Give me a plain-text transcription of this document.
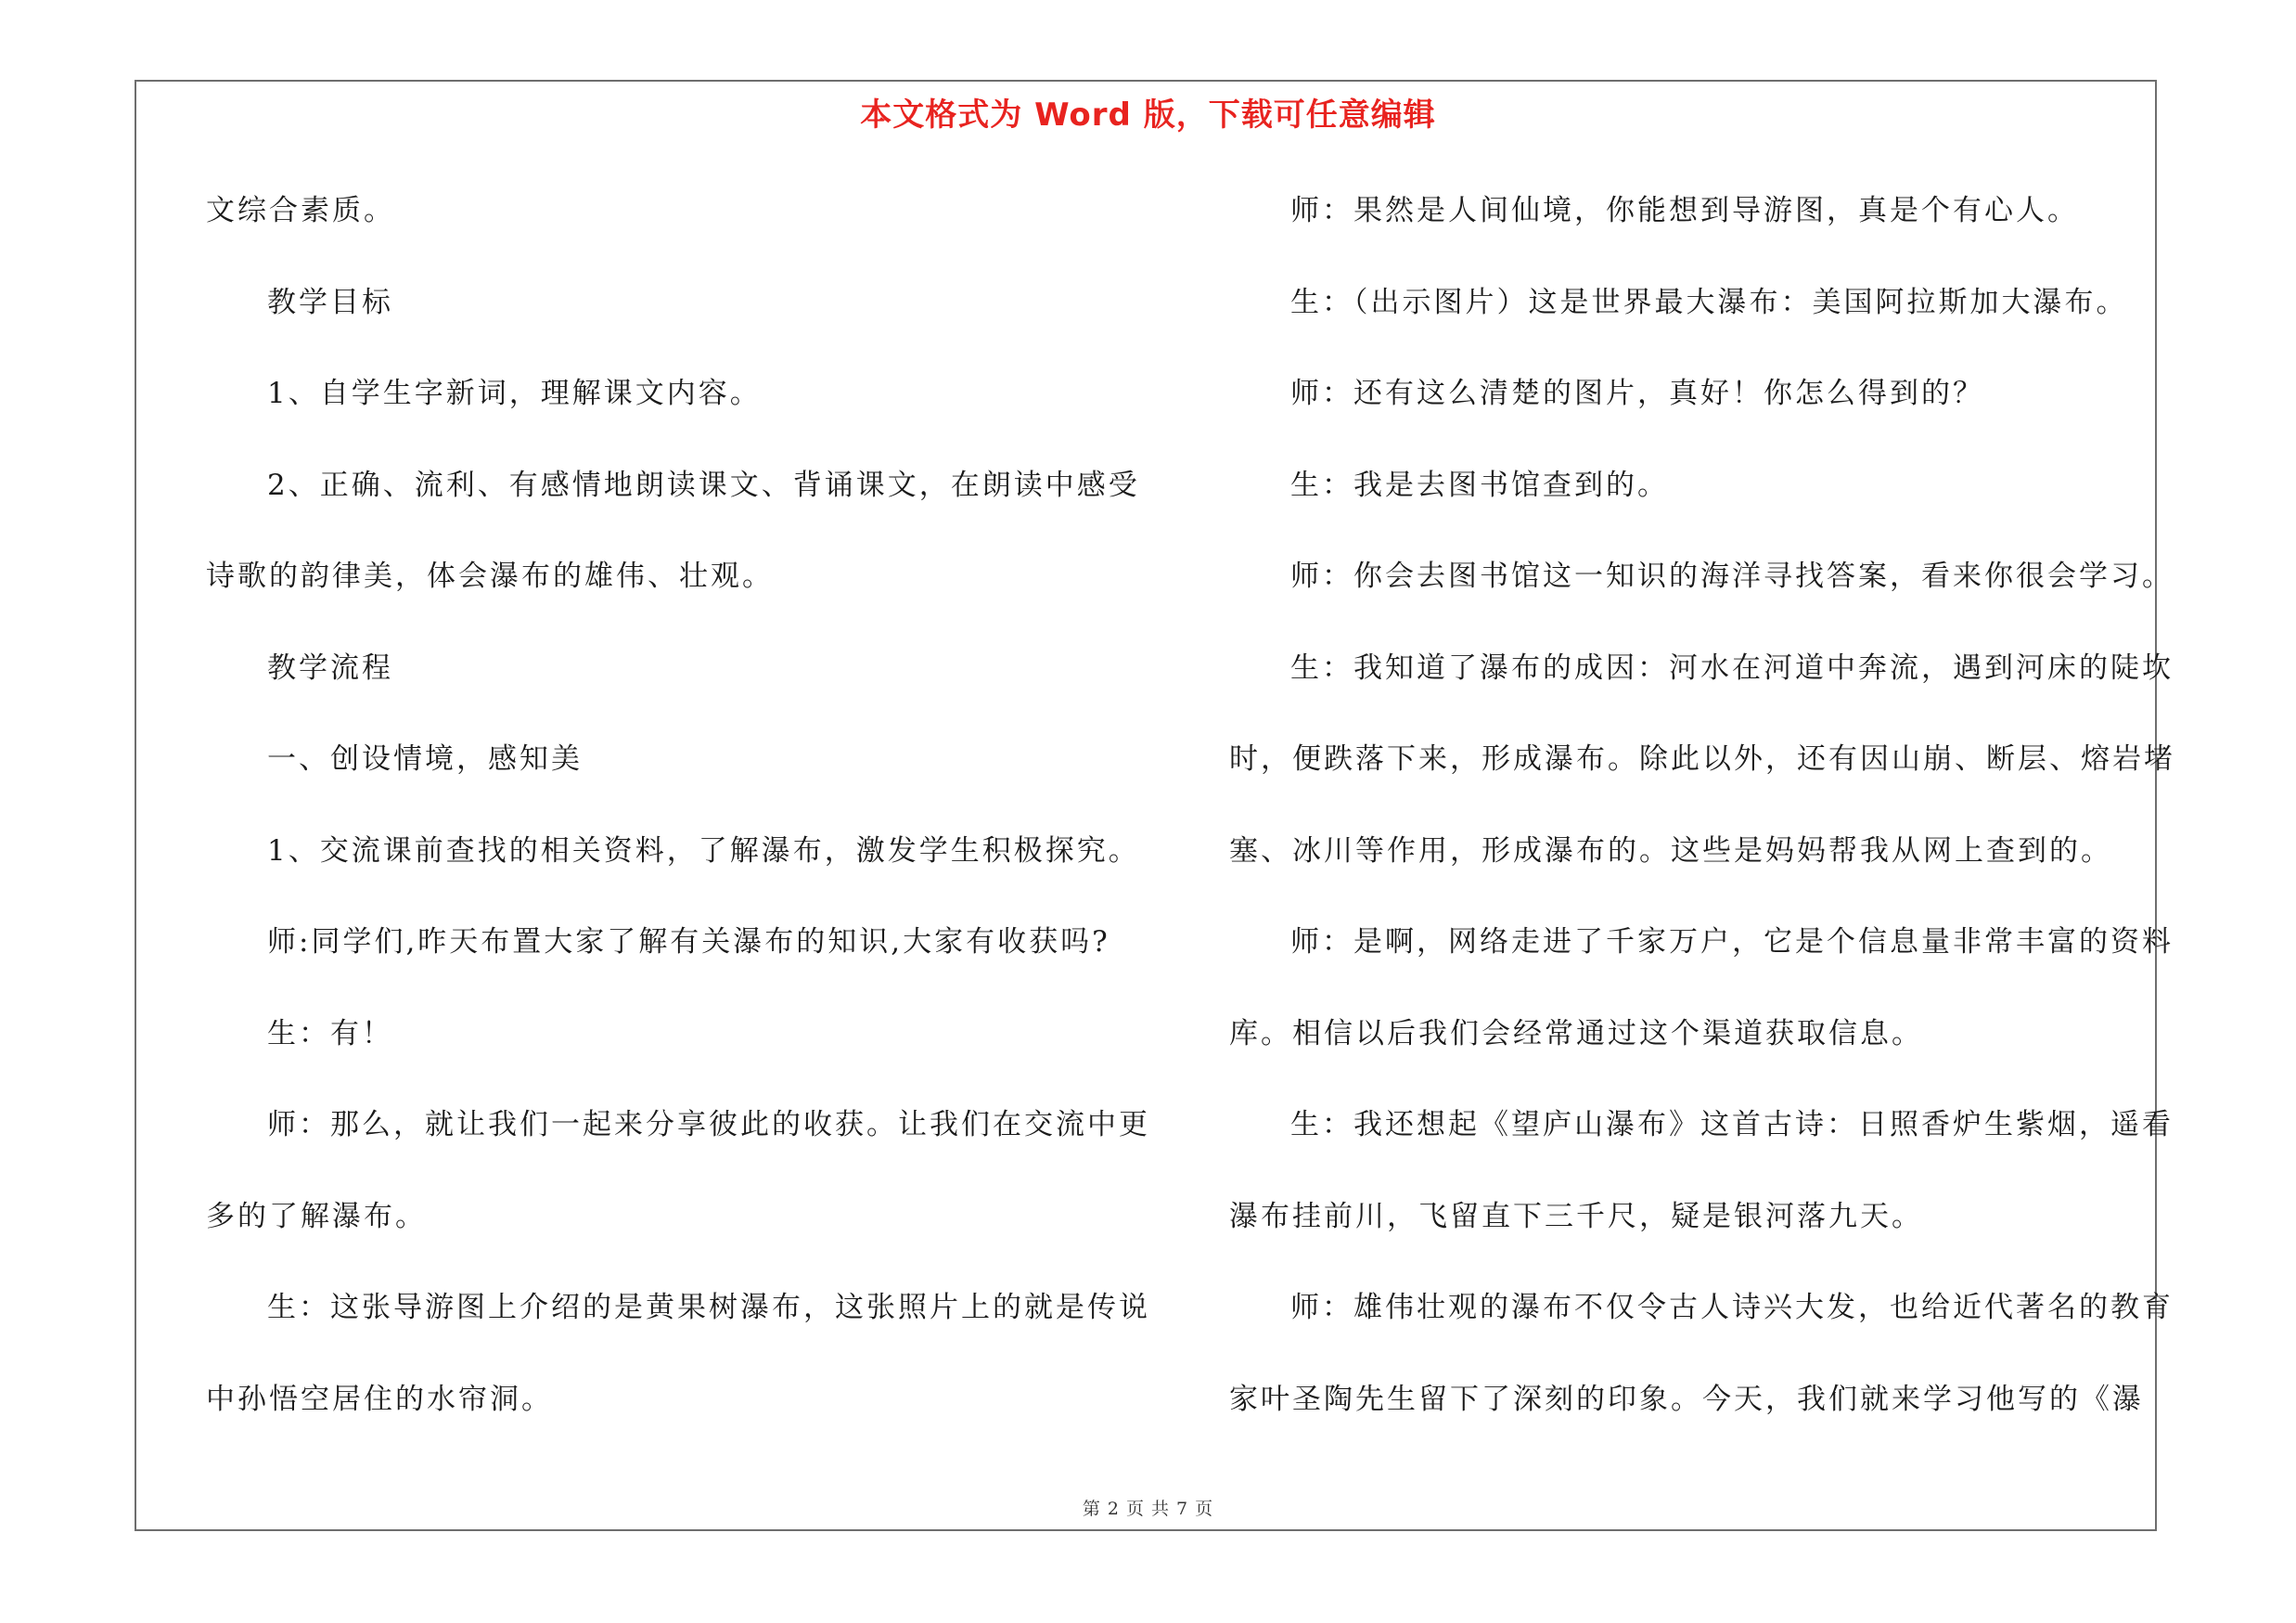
本文格式为 Word 版，下载可任意编辑
文综合素质。
教学目标
1、自学生字新词，理解课文内容。
2、正确、流利、有感情地朗读课文、背诵课文，在朗读中感受
诗歌的韵律美，体会瀑布的雄伟、壮观。
教学流程
一、创设情境，感知美
1、交流课前查找的相关资料，了解瀑布，激发学生积极探究。
师:同学们,昨天布置大家了解有关瀑布的知识,大家有收获吗?
生：有！
师：那么，就让我们一起来分享彼此的收获。让我们在交流中更
多的了解瀑布。
生：这张导游图上介绍的是黄果树瀑布，这张照片上的就是传说
中孙悟空居住的水帘洞。
师：果然是人间仙境，你能想到导游图，真是个有心人。
生：（出示图片）这是世界最大瀑布：美国阿拉斯加大瀑布。
师：还有这么清楚的图片，真好！你怎么得到的？
生：我是去图书馆查到的。
师：你会去图书馆这一知识的海洋寻找答案，看来你很会学习。
生：我知道了瀑布的成因：河水在河道中奔流，遇到河床的陡坎
时，便跌落下来，形成瀑布。除此以外，还有因山崩、断层、熔岩堵
塞、冰川等作用，形成瀑布的。这些是妈妈帮我从网上查到的。
师：是啊，网络走进了千家万户，它是个信息量非常丰富的资料
库。相信以后我们会经常通过这个渠道获取信息。
生：我还想起《望庐山瀑布》这首古诗：日照香炉生紫烟，遥看
瀑布挂前川，飞留直下三千尺，疑是银河落九天。
师：雄伟壮观的瀑布不仅令古人诗兴大发，也给近代著名的教育
家叶圣陶先生留下了深刻的印象。今天，我们就来学习他写的《瀑
第 2 页 共 7 页
